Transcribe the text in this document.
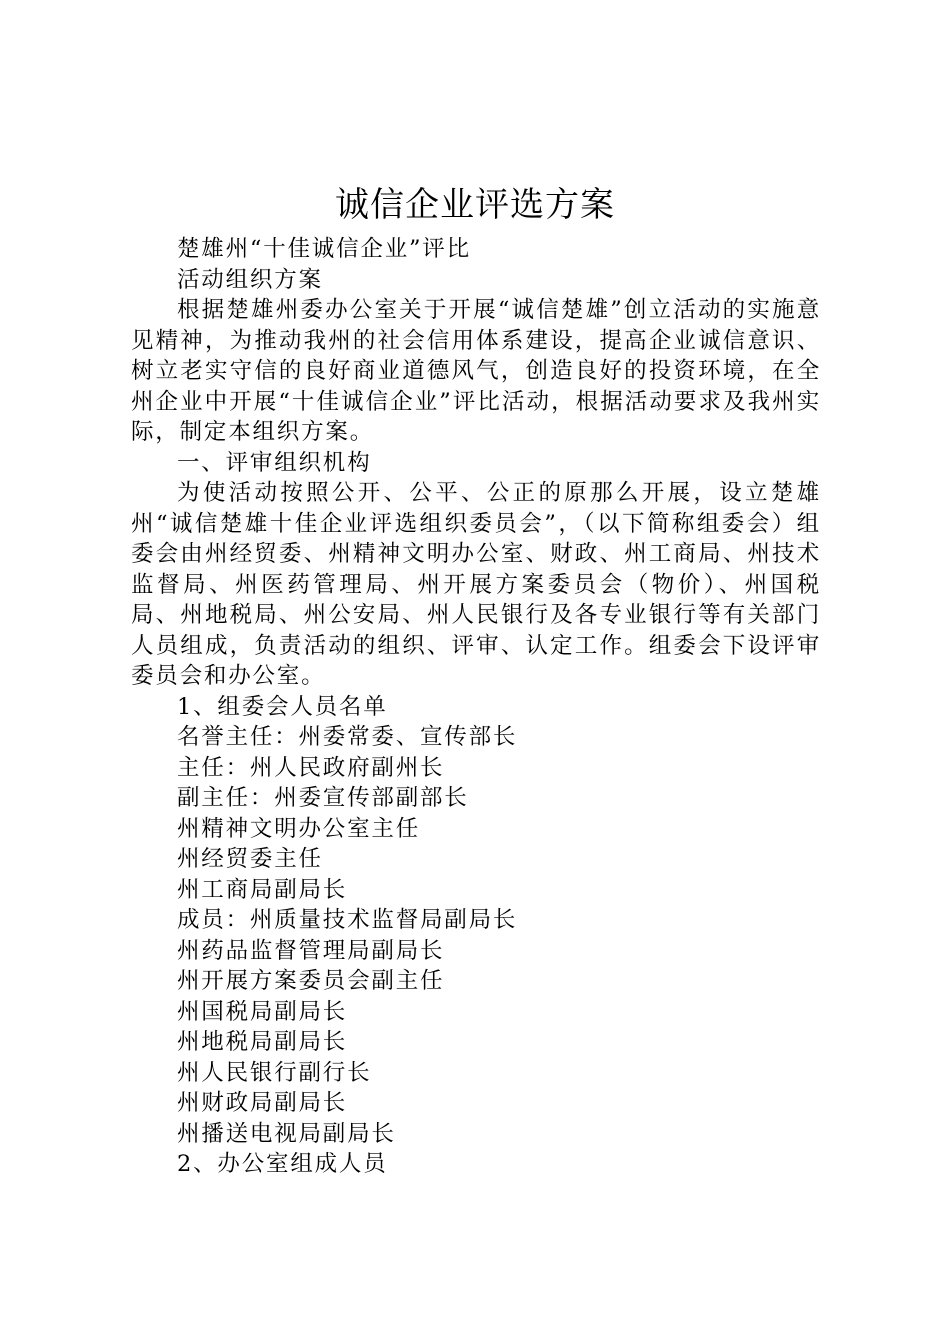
诚信企业评选方案

楚雄州“十佳诚信企业”评比

活动组织方案

根据楚雄州委办公室关于开展“诚信楚雄”创立活动的实施意见精神，为推动我州的社会信用体系建设，提高企业诚信意识、树立老实守信的良好商业道德风气，创造良好的投资环境，在全州企业中开展“十佳诚信企业”评比活动，根据活动要求及我州实际，制定本组织方案。

一、评审组织机构

为使活动按照公开、公平、公正的原那么开展，设立楚雄州“诚信楚雄十佳企业评选组织委员会”，（以下简称组委会）组委会由州经贸委、州精神文明办公室、财政、州工商局、州技术监督局、州医药管理局、州开展方案委员会（物价）、州国税局、州地税局、州公安局、州人民银行及各专业银行等有关部门人员组成，负责活动的组织、评审、认定工作。组委会下设评审委员会和办公室。

1、组委会人员名单
名誉主任：州委常委、宣传部长
主任：州人民政府副州长
副主任：州委宣传部副部长
州精神文明办公室主任
州经贸委主任
州工商局副局长
成员：州质量技术监督局副局长
州药品监督管理局副局长
州开展方案委员会副主任
州国税局副局长
州地税局副局长
州人民银行副行长
州财政局副局长
州播送电视局副局长
2、办公室组成人员
